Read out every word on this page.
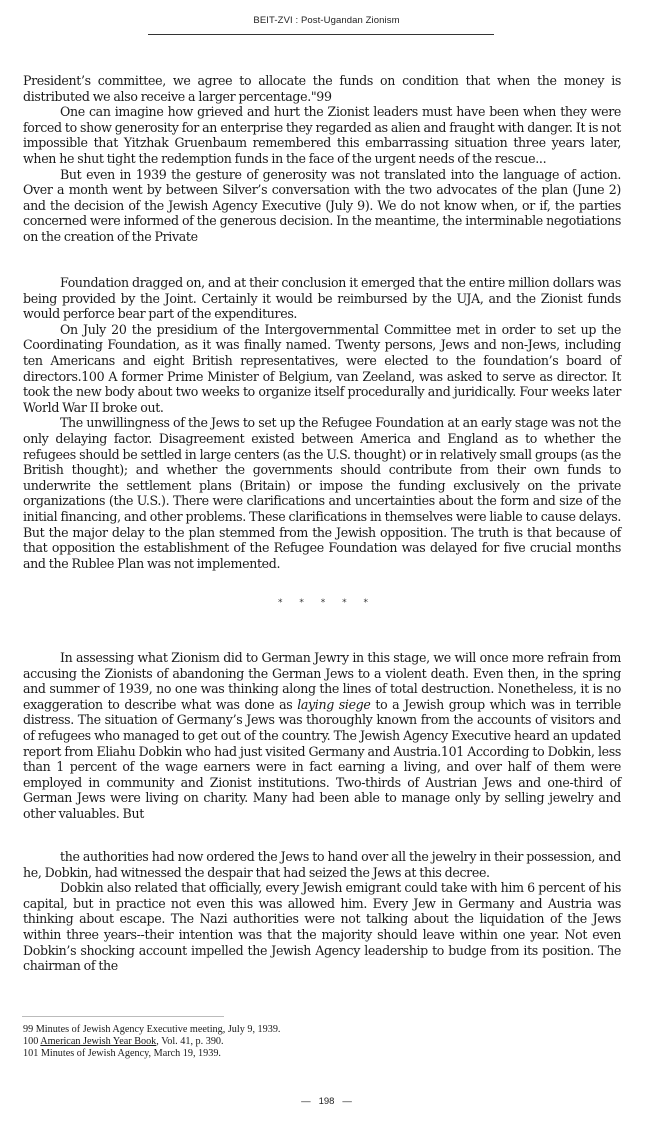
BEIT-ZVI : Post-Ugandan Zionism

President’s committee, we agree to allocate the funds on condition that when the money is distributed we also receive a larger percentage."99

One can imagine how grieved and hurt the Zionist leaders must have been when they were forced to show generosity for an enterprise they regarded as alien and fraught with danger. It is not impossible that Yitzhak Gruenbaum remembered this embarrassing situation three years later, when he shut tight the redemption funds in the face of the urgent needs of the rescue...

But even in 1939 the gesture of generosity was not translated into the language of action. Over a month went by between Silver’s conversation with the two advocates of the plan (June 2) and the decision of the Jewish Agency Executive (July 9). We do not know when, or if, the parties concerned were informed of the generous decision. In the meantime, the interminable negotiations on the creation of the Private

Foundation dragged on, and at their conclusion it emerged that the entire million dollars was being provided by the Joint. Certainly it would be reimbursed by the UJA, and the Zionist funds would perforce bear part of the expenditures.

On July 20 the presidium of the Intergovernmental Committee met in order to set up the Coordinating Foundation, as it was finally named. Twenty persons, Jews and non-Jews, including ten Americans and eight British representatives, were elected to the foundation’s board of directors.100 A former Prime Minister of Belgium, van Zeeland, was asked to serve as director. It took the new body about two weeks to organize itself procedurally and juridically. Four weeks later World War II broke out.

The unwillingness of the Jews to set up the Refugee Foundation at an early stage was not the only delaying factor. Disagreement existed between America and England as to whether the refugees should be settled in large centers (as the U.S. thought) or in relatively small groups (as the British thought); and whether the governments should contribute from their own funds to underwrite the settlement plans (Britain) or impose the funding exclusively on the private organizations (the U.S.). There were clarifications and uncertainties about the form and size of the initial financing, and other problems. These clarifications in themselves were liable to cause delays. But the major delay to the plan stemmed from the Jewish opposition. The truth is that because of that opposition the establishment of the Refugee Foundation was delayed for five crucial months and the Rublee Plan was not implemented.

* * * * *

In assessing what Zionism did to German Jewry in this stage, we will once more refrain from accusing the Zionists of abandoning the German Jews to a violent death. Even then, in the spring and summer of 1939, no one was thinking along the lines of total destruction. Nonetheless, it is no exaggeration to describe what was done as laying siege to a Jewish group which was in terrible distress. The situation of Germany’s Jews was thoroughly known from the accounts of visitors and of refugees who managed to get out of the country. The Jewish Agency Executive heard an updated report from Eliahu Dobkin who had just visited Germany and Austria.101 According to Dobkin, less than 1 percent of the wage earners were in fact earning a living, and over half of them were employed in community and Zionist institutions. Two-thirds of Austrian Jews and one-third of German Jews were living on charity. Many had been able to manage only by selling jewelry and other valuables. But

the authorities had now ordered the Jews to hand over all the jewelry in their possession, and he, Dobkin, had witnessed the despair that had seized the Jews at this decree.

Dobkin also related that officially, every Jewish emigrant could take with him 6 percent of his capital, but in practice not even this was allowed him. Every Jew in Germany and Austria was thinking about escape. The Nazi authorities were not talking about the liquidation of the Jews within three years--their intention was that the majority should leave within one year. Not even Dobkin’s shocking account impelled the Jewish Agency leadership to budge from its position. The chairman of the

99 Minutes of Jewish Agency Executive meeting, July 9, 1939.
100 American Jewish Year Book, Vol. 41, p. 390.
101 Minutes of Jewish Agency, March 19, 1939.
— 198 —
